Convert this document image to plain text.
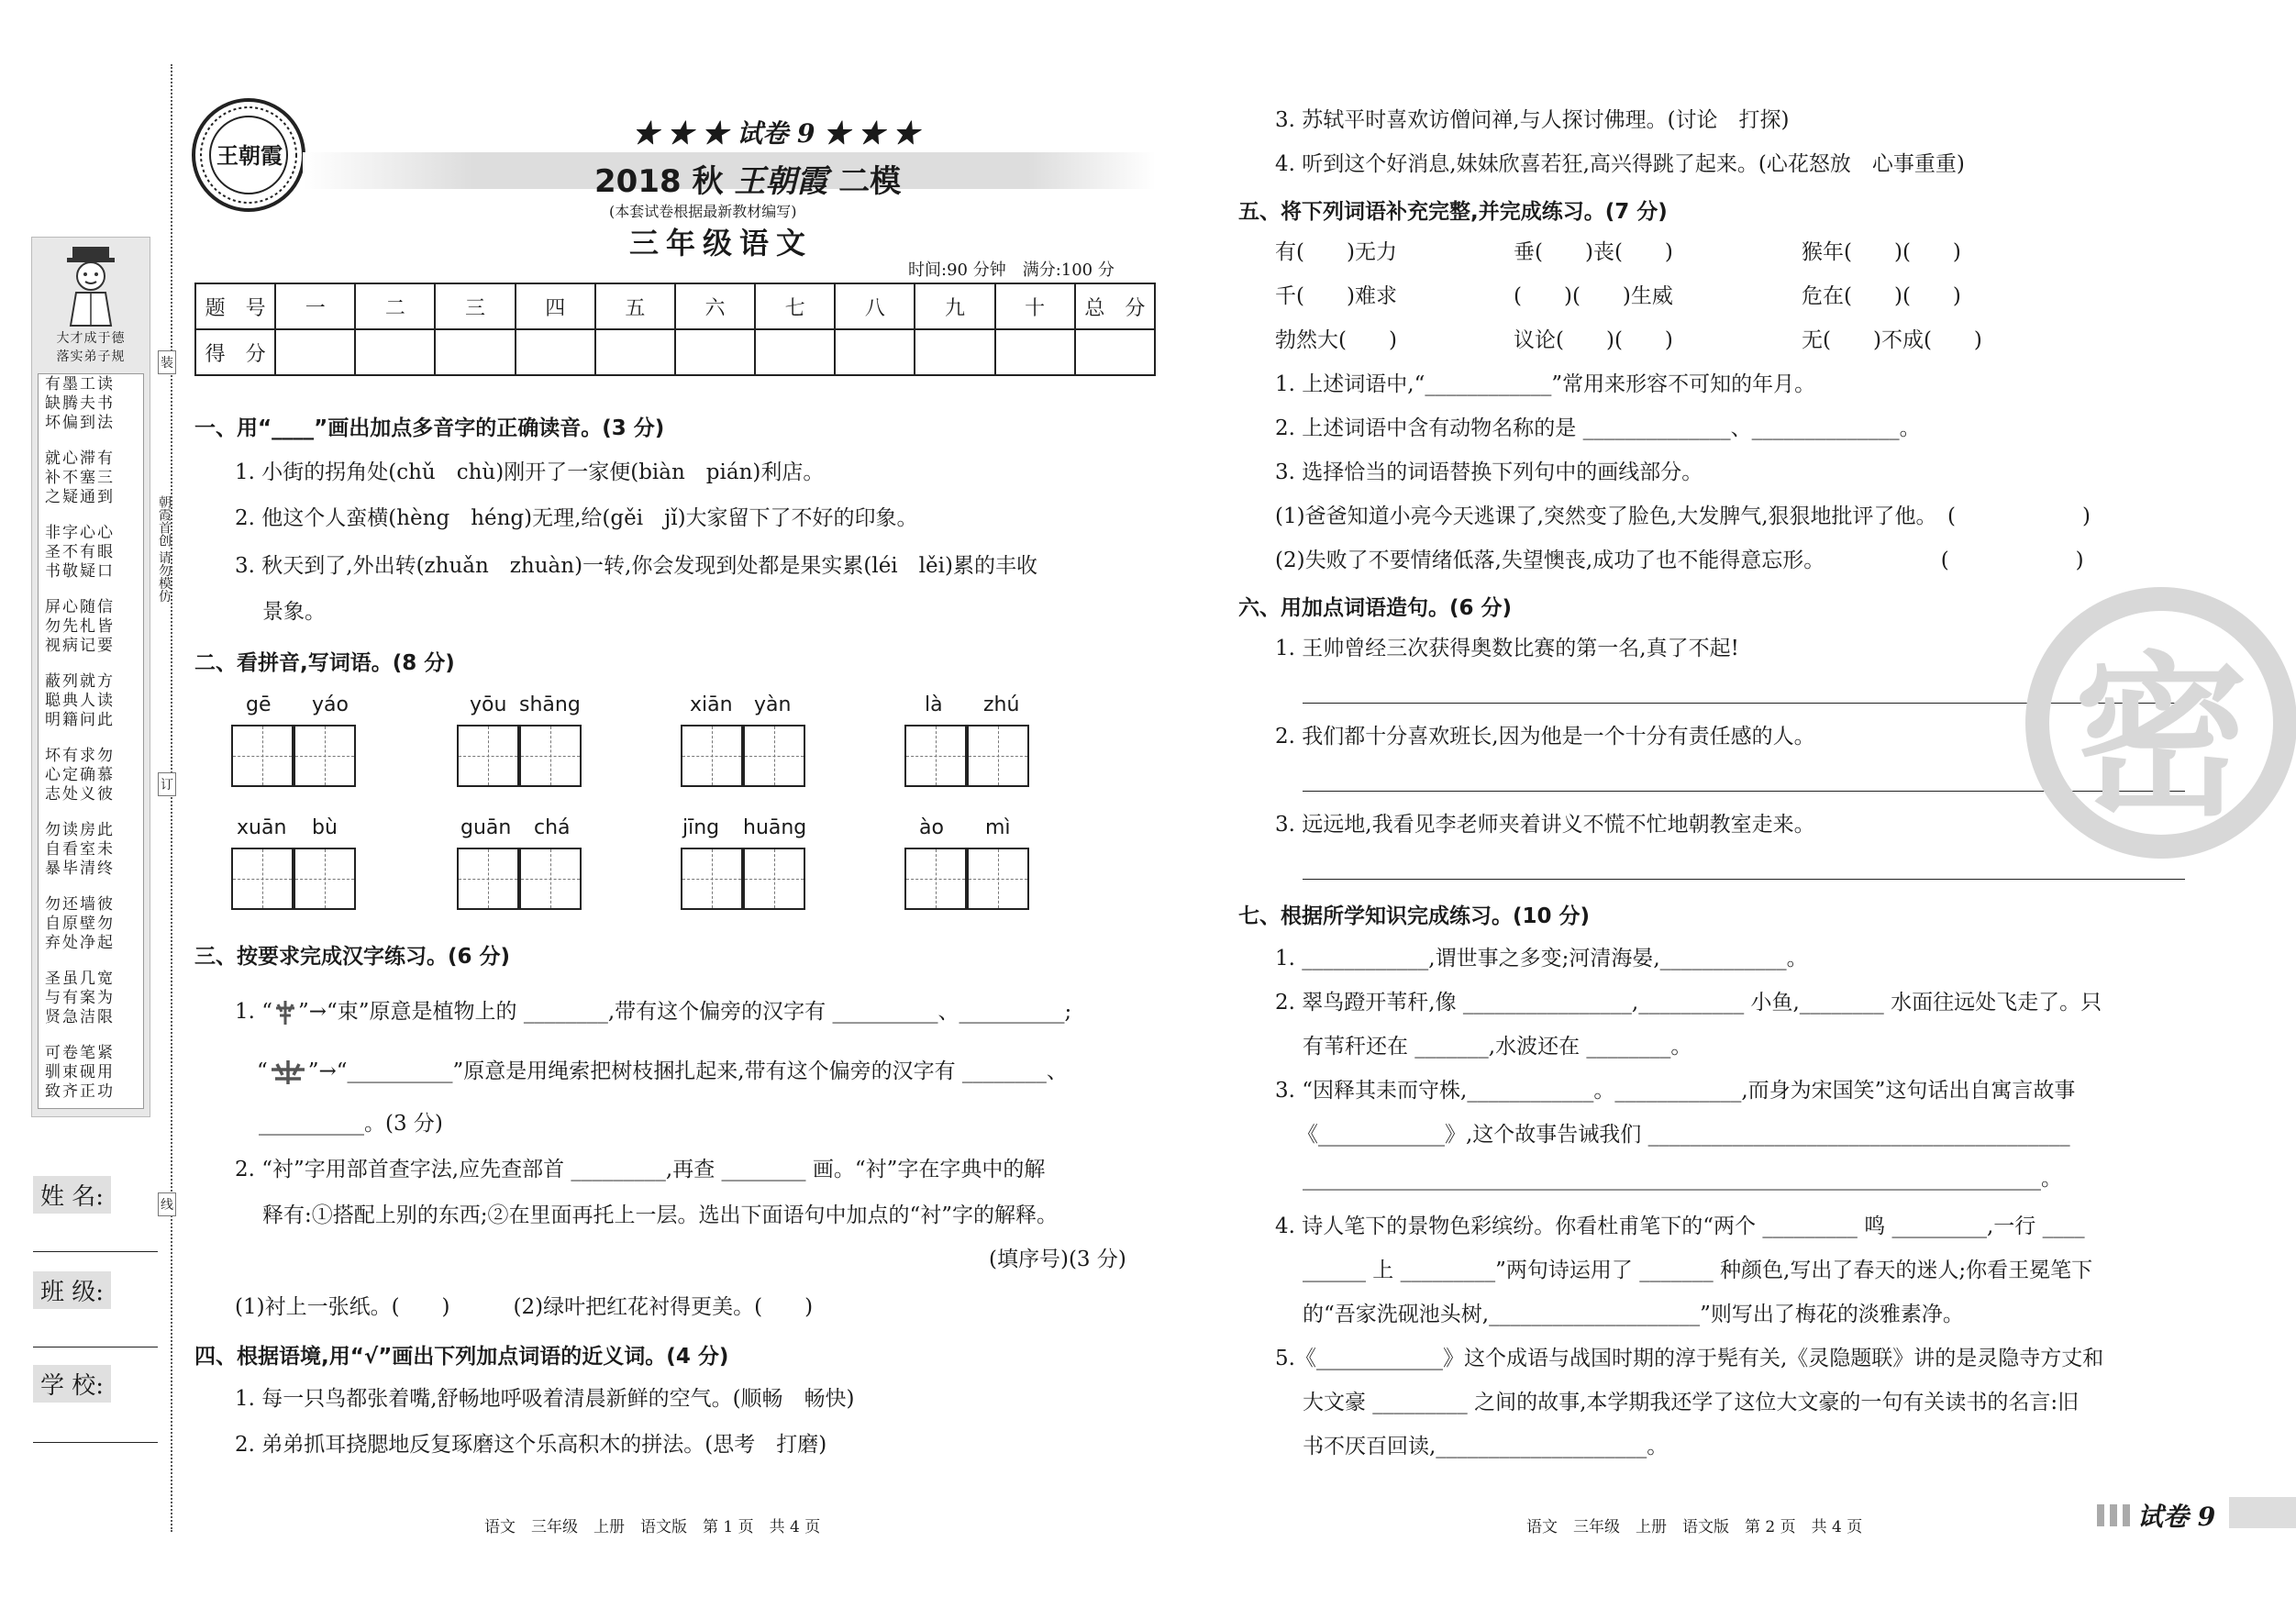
大才成于德
落实弟子规
有墨工读
缺腾夫书
坏偏到法
就心滞有
补不塞三
之疑通到
非字心心
圣不有眼
书敬疑口
屏心随信
勿先札皆
视病记要
蔽列就方
聪典人读
明籍问此
坏有求勿
心定确慕
志处义彼
勿读房此
自看室未
暴毕清终
勿还墙彼
自原壁勿
弃处净起
圣虽几宽
与有案为
贤急洁限
可卷笔紧
驯束砚用
致齐正功
朝霞首创 请勿模仿
装
订
线
姓 名:
班 级:
学 校:
王朝霞
★ ★ ★ 试卷 9 ★ ★ ★
2018 秋 王朝霞 二模
(本套试卷根据最新教材编写)
三年级语文
时间:90 分钟　满分:100 分
题　号	一	二	三	四	五	六	七	八	九	十	总　分
得　分											
一、用“____”画出加点多音字的正确读音。(3 分)
1. 小街的拐角处(chǔ　chù)刚开了一家便(biàn　pián)利店。
2. 他这个人蛮横(hèng　héng)无理,给(gěi　jǐ)大家留下了不好的印象。
3. 秋天到了,外出转(zhuǎn　zhuàn)一转,你会发现到处都是果实累(léi　lěi)累的丰收
景象。
二、看拼音,写词语。(8 分)
gē yáo	yōu shāng	xiān yàn	là zhú
xuān bù	guān chá	jīng huāng	ào mì
三、按要求完成汉字练习。(6 分)
1. “ ”→“束”原意是植物上的 ________,带有这个偏旁的汉字有 __________、__________;
“ ”→“__________”原意是用绳索把树枝捆扎起来,带有这个偏旁的汉字有 ________、
__________。(3 分)
2. “衬”字用部首查字法,应先查部首 _________,再查 ________ 画。“衬”字在字典中的解
释有:①搭配上别的东西;②在里面再托上一层。选出下面语句中加点的“衬”字的解释。
(填序号)(3 分)
(1)衬上一张纸。(　　)　　　(2)绿叶把红花衬得更美。(　　)
四、根据语境,用“√”画出下列加点词语的近义词。(4 分)
1. 每一只鸟都张着嘴,舒畅地呼吸着清晨新鲜的空气。(顺畅　畅快)
2. 弟弟抓耳挠腮地反复琢磨这个乐高积木的拼法。(思考　打磨)
语文　三年级　上册　语文版　第 1 页　共 4 页
3. 苏轼平时喜欢访僧问禅,与人探讨佛理。(讨论　打探)
4. 听到这个好消息,妹妹欣喜若狂,高兴得跳了起来。(心花怒放　心事重重)
五、将下列词语补充完整,并完成练习。(7 分)
有(　　)无力	垂(　　)丧(　　)	猴年(　　)(　　)
千(　　)难求	(　　)(　　)生威	危在(　　)(　　)
勃然大(　　)	议论(　　)(　　)	无(　　)不成(　　)
1. 上述词语中,“____________”常用来形容不可知的年月。
2. 上述词语中含有动物名称的是 ______________、______________。
3. 选择恰当的词语替换下列句中的画线部分。
(1)爸爸知道小亮今天逃课了,突然变了脸色,大发脾气,狠狠地批评了他。　(　　　　　　)
(2)失败了不要情绪低落,失望懊丧,成功了也不能得意忘形。　　　　　　(　　　　　　)
六、用加点词语造句。(6 分)
1. 王帅曾经三次获得奥数比赛的第一名,真了不起!
2. 我们都十分喜欢班长,因为他是一个十分有责任感的人。
3. 远远地,我看见李老师夹着讲义不慌不忙地朝教室走来。
七、根据所学知识完成练习。(10 分)
1. ____________,谓世事之多变;河清海晏,____________。
2. 翠鸟蹬开苇秆,像 ________________,__________ 小鱼,________ 水面往远处飞走了。只
有苇秆还在 _______,水波还在 ________。
3. “因释其耒而守株,____________。____________,而身为宋国笑”这句话出自寓言故事
《____________》,这个故事告诫我们 ________________________________________
______________________________________________________________________。
4. 诗人笔下的景物色彩缤纷。你看杜甫笔下的“两个 _________ 鸣 _________,一行 ____
______ 上 _________”两句诗运用了 _______ 种颜色,写出了春天的迷人;你看王冕笔下
的“吾家洗砚池头树,____________________”则写出了梅花的淡雅素净。
5.《____________》这个成语与战国时期的淳于髡有关,《灵隐题联》讲的是灵隐寺方丈和
大文豪 _________ 之间的故事,本学期我还学了这位大文豪的一句有关读书的名言:旧
书不厌百回读,____________________。
密
语文　三年级　上册　语文版　第 2 页　共 4 页	试卷 9
